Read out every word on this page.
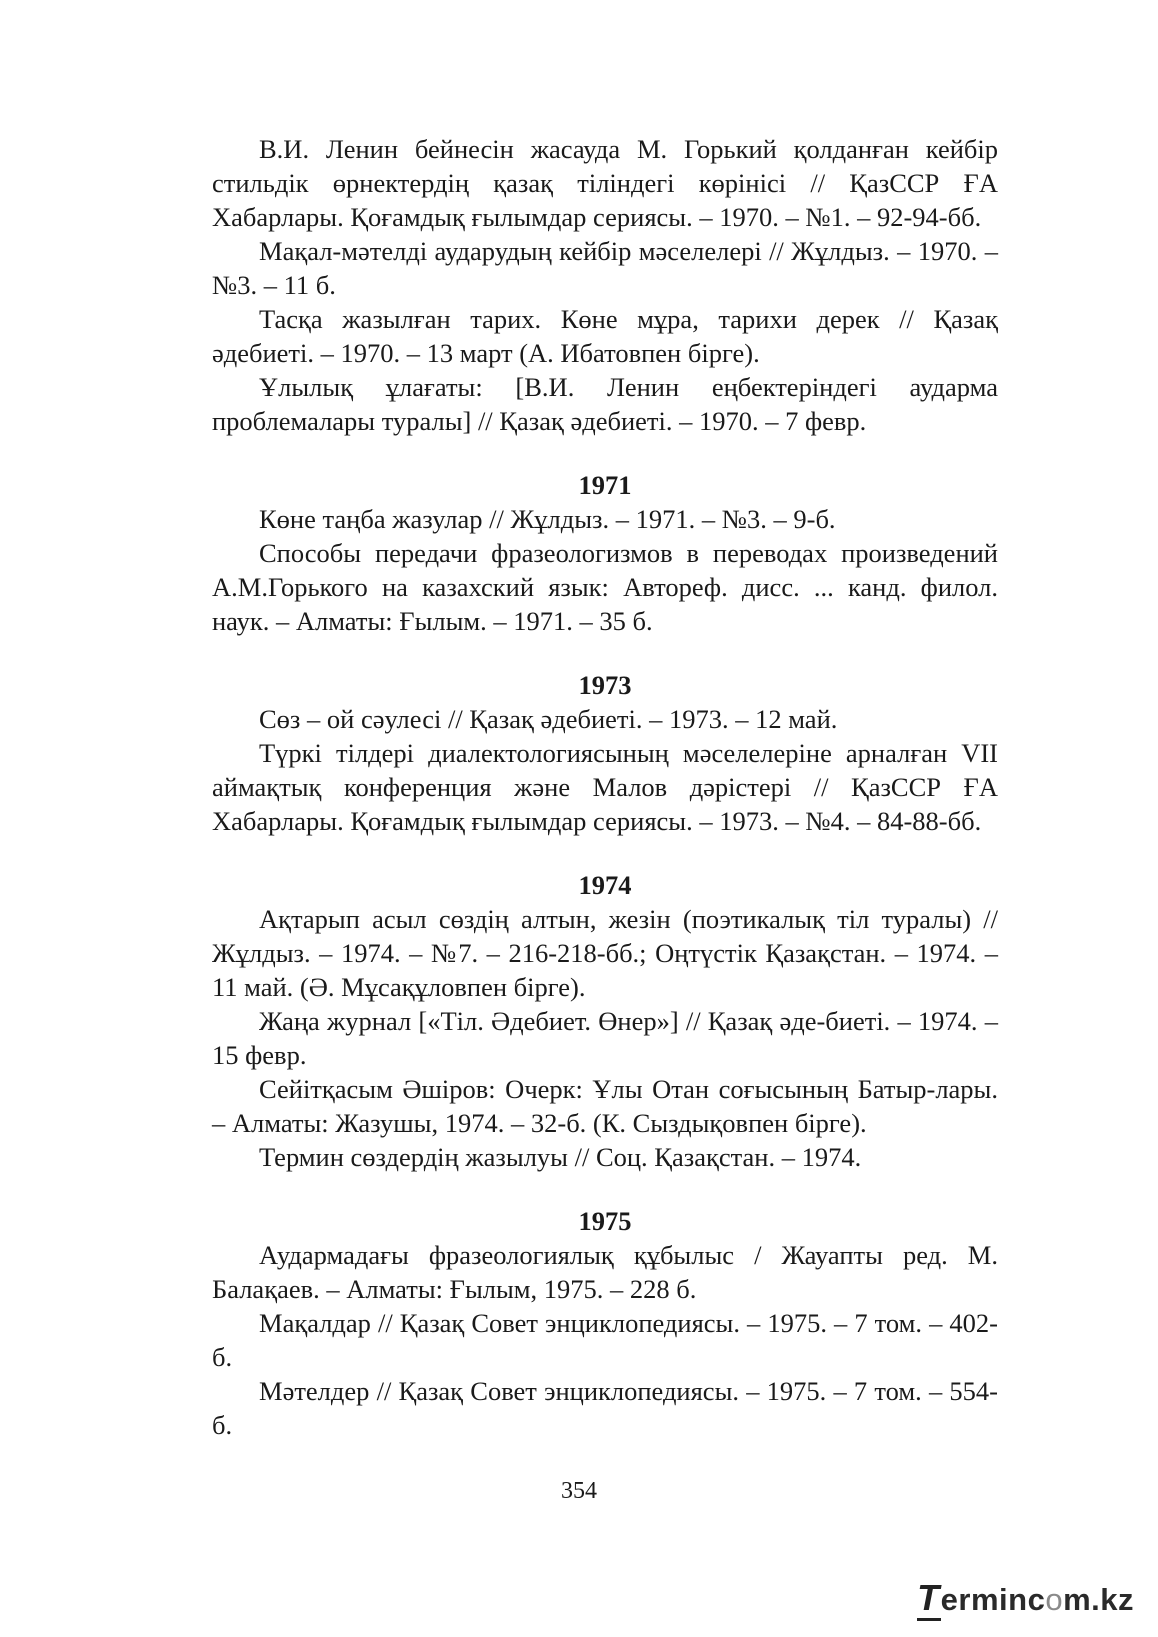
В.И. Ленин бейнесін жасауда М. Горький қолданған кейбір стильдік өрнектердің қазақ тіліндегі көрінісі // ҚазССР ҒА Хабарлары. Қоғамдық ғылымдар сериясы. – 1970. – №1. – 92-94-бб.

Мақал-мәтелді аударудың кейбір мәселелері // Жұлдыз. – 1970. – №3. – 11 б.

Тасқа жазылған тарих. Көне мұра, тарихи дерек // Қазақ әдебиеті. – 1970. – 13 март (А. Ибатовпен бірге).

Ұлылық ұлағаты: [В.И. Ленин еңбектеріндегі аударма проблемалары туралы] // Қазақ әдебиеті. – 1970. – 7 февр.

1971

Көне таңба жазулар // Жұлдыз. – 1971. – №3. – 9-б.

Способы передачи фразеологизмов в переводах произведений А.М.Горького на казахский язык: Автореф. дисс. ... канд. филол. наук. – Алматы: Ғылым. – 1971. – 35 б.

1973

Сөз – ой сәулесі // Қазақ әдебиеті. – 1973. – 12 май.

Түркі тілдері диалектологиясының мәселелеріне арналған VІІ аймақтық конференция және Малов дәрістері // ҚазССР ҒА Хабарлары. Қоғамдық ғылымдар сериясы. – 1973. – №4. – 84-88-бб.

1974

Ақтарып асыл сөздің алтын, жезін (поэтикалық тіл туралы) // Жұлдыз. – 1974. – №7. – 216-218-бб.; Оңтүстік Қазақстан. – 1974. – 11 май. (Ә. Мұсақұловпен бірге).

Жаңа журнал [«Тіл. Әдебиет. Өнер»] // Қазақ әде-биеті. – 1974. – 15 февр.

Сейітқасым Әшіров: Очерк: Ұлы Отан соғысының Батыр-лары. – Алматы: Жазушы, 1974. – 32-б. (К. Сыздықовпен бірге).

Термин сөздердің жазылуы // Соц. Қазақстан. – 1974.

1975

Аудармадағы фразеологиялық құбылыс / Жауапты ред. М. Балақаев. – Алматы: Ғылым, 1975. – 228 б.

Мақалдар // Қазақ Совет энциклопедиясы. – 1975. – 7 том. – 402-б.

Мәтелдер // Қазақ Совет энциклопедиясы. – 1975. – 7 том. – 554-б.

354
Termincom.kz
